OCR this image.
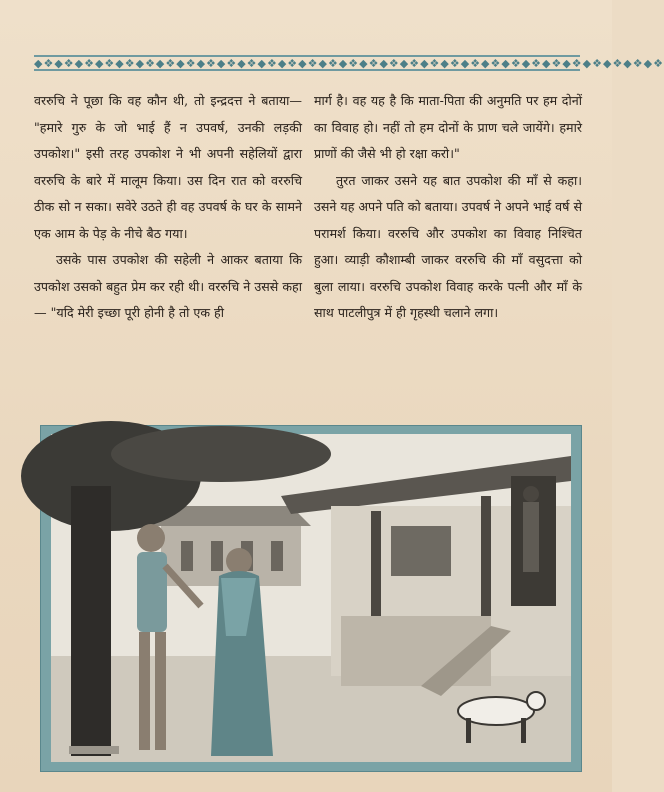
◆❖◆❖◆❖◆❖◆❖◆❖◆❖◆❖◆❖◆❖◆❖◆❖◆❖◆❖◆❖◆❖◆❖◆❖◆❖◆❖◆❖◆❖◆❖◆❖◆❖◆❖◆❖◆❖◆❖◆❖◆❖

वररुचि ने पूछा कि वह कौन थी, तो इन्द्रदत्त ने बताया— "हमारे गुरु के जो भाई हैं न उपवर्ष, उनकी लड़की उपकोश।" इसी तरह उपकोश ने भी अपनी सहेलियों द्वारा वररुचि के बारे में मालूम किया। उस दिन रात को वररुचि ठीक सो न सका। सवेरे उठते ही वह उपवर्ष के घर के सामने एक आम के पेड़ के नीचे बैठ गया।

उसके पास उपकोश की सहेली ने आकर बताया कि उपकोश उसको बहुत प्रेम कर रही थी। वररुचि ने उससे कहा— "यदि मेरी इच्छा पूरी होनी है तो एक ही

मार्ग है। वह यह है कि माता-पिता की अनुमति पर हम दोनों का विवाह हो। नहीं तो हम दोनों के प्राण चले जायेंगे। हमारे प्राणों की जैसे भी हो रक्षा करो।"

तुरत जाकर उसने यह बात उपकोश की माँ से कहा। उसने यह अपने पति को बताया। उपवर्ष ने अपने भाई वर्ष से परामर्श किया। वररुचि और उपकोश का विवाह निश्चित हुआ। व्याड़ी कौशाम्बी जाकर वररुचि की माँ वसुदत्ता को बुला लाया। वररुचि उपकोश विवाह करके पत्नी और माँ के साथ पाटलीपुत्र में ही गृहस्थी चलाने लगा।
